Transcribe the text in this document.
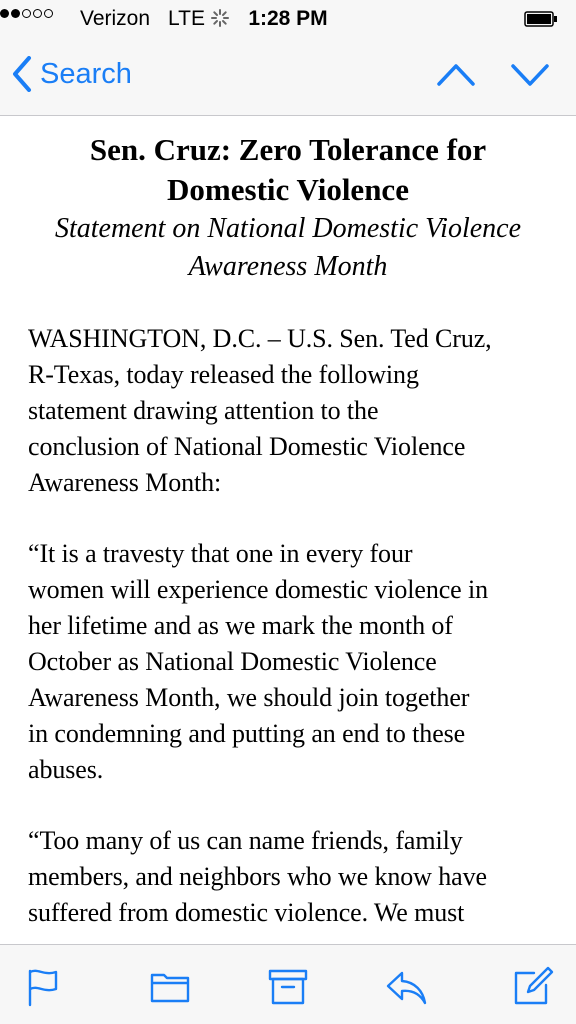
Verizon LTE	1:28 PM
Search
Sen. Cruz: Zero Tolerance for
Domestic Violence
Statement on National Domestic Violence
Awareness Month
WASHINGTON, D.C. – U.S. Sen. Ted Cruz,
R-Texas, today released the following
statement drawing attention to the
conclusion of National Domestic Violence
Awareness Month:
“It is a travesty that one in every four
women will experience domestic violence in
her lifetime and as we mark the month of
October as National Domestic Violence
Awareness Month, we should join together
in condemning and putting an end to these
abuses.
“Too many of us can name friends, family
members, and neighbors who we know have
suffered from domestic violence. We must
